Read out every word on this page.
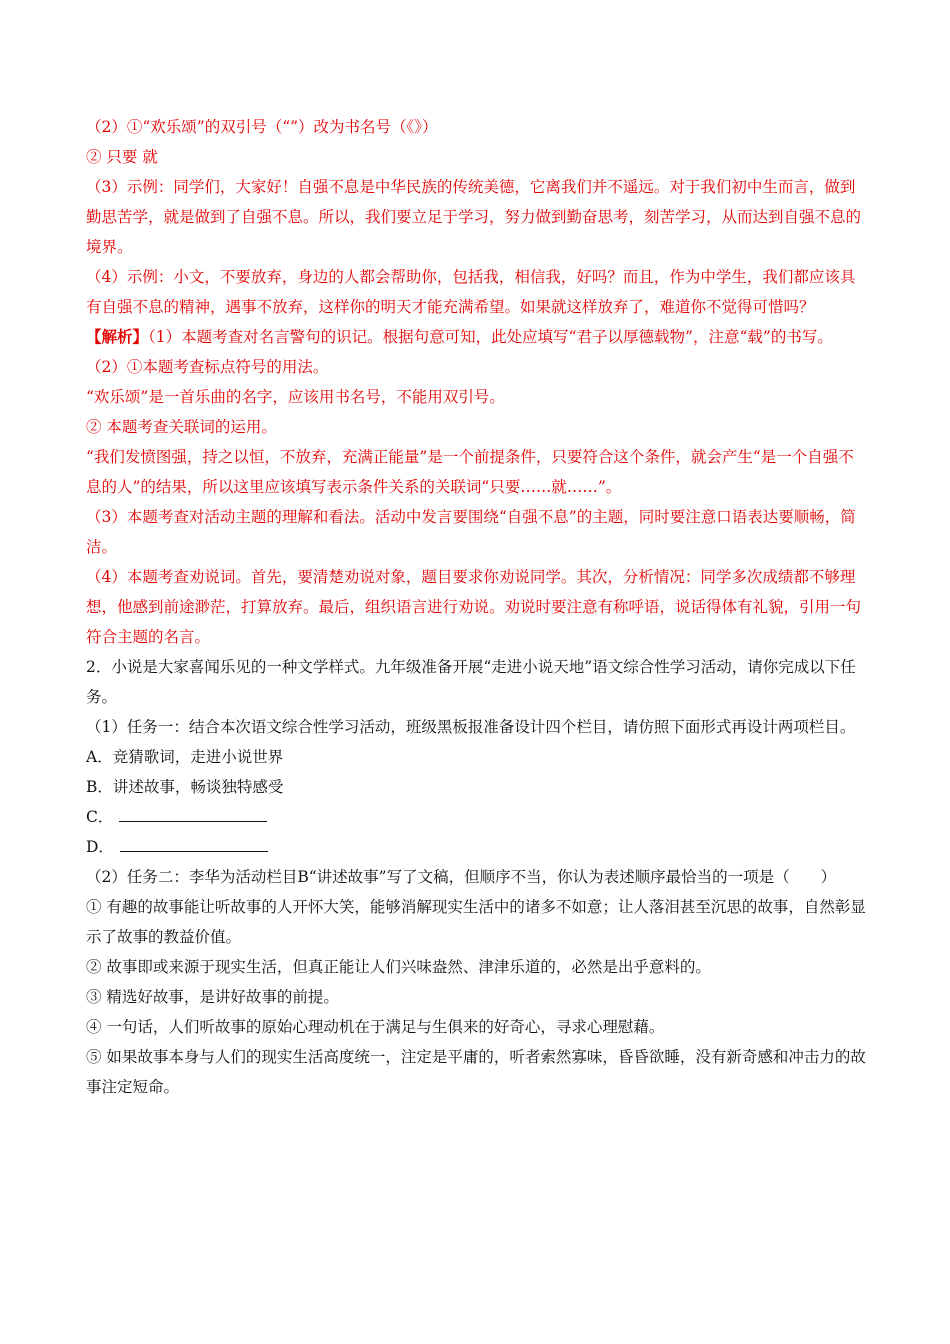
（2）①“欢乐颂”的双引号（“”）改为书名号（《》）

② 只要 就

（3）示例：同学们，大家好！自强不息是中华民族的传统美德，它离我们并不遥远。对于我们初中生而言，做到勤思苦学，就是做到了自强不息。所以，我们要立足于学习，努力做到勤奋思考，刻苦学习，从而达到自强不息的境界。

（4）示例：小文，不要放弃，身边的人都会帮助你，包括我，相信我，好吗？而且，作为中学生，我们都应该具有自强不息的精神，遇事不放弃，这样你的明天才能充满希望。如果就这样放弃了，难道你不觉得可惜吗？

【解析】（1）本题考查对名言警句的识记。根据句意可知，此处应填写“君子以厚德载物”，注意“载”的书写。

（2）①本题考查标点符号的用法。

“欢乐颂”是一首乐曲的名字，应该用书名号，不能用双引号。

② 本题考查关联词的运用。

“我们发愤图强，持之以恒，不放弃，充满正能量”是一个前提条件，只要符合这个条件，就会产生“是一个自强不息的人”的结果，所以这里应该填写表示条件关系的关联词“只要……就……”。

（3）本题考查对活动主题的理解和看法。活动中发言要围绕“自强不息”的主题，同时要注意口语表达要顺畅，简洁。

（4）本题考查劝说词。首先，要清楚劝说对象，题目要求你劝说同学。其次，分析情况：同学多次成绩都不够理想，他感到前途渺茫，打算放弃。最后，组织语言进行劝说。劝说时要注意有称呼语，说话得体有礼貌，引用一句符合主题的名言。

2．小说是大家喜闻乐见的一种文学样式。九年级准备开展“走进小说天地”语文综合性学习活动，请你完成以下任务。

（1）任务一：结合本次语文综合性学习活动，班级黑板报准备设计四个栏目，请仿照下面形式再设计两项栏目。

A．竞猜歌词，走进小说世界

B．讲述故事，畅谈独特感受

C．

D．

（2）任务二：李华为活动栏目B“讲述故事”写了文稿，但顺序不当，你认为表述顺序最恰当的一项是（　　）

① 有趣的故事能让听故事的人开怀大笑，能够消解现实生活中的诸多不如意；让人落泪甚至沉思的故事，自然彰显示了故事的教益价值。

② 故事即或来源于现实生活，但真正能让人们兴味盎然、津津乐道的，必然是出乎意料的。

③ 精选好故事，是讲好故事的前提。

④ 一句话，人们听故事的原始心理动机在于满足与生俱来的好奇心，寻求心理慰藉。

⑤ 如果故事本身与人们的现实生活高度统一，注定是平庸的，听者索然寡味，昏昏欲睡，没有新奇感和冲击力的故事注定短命。
